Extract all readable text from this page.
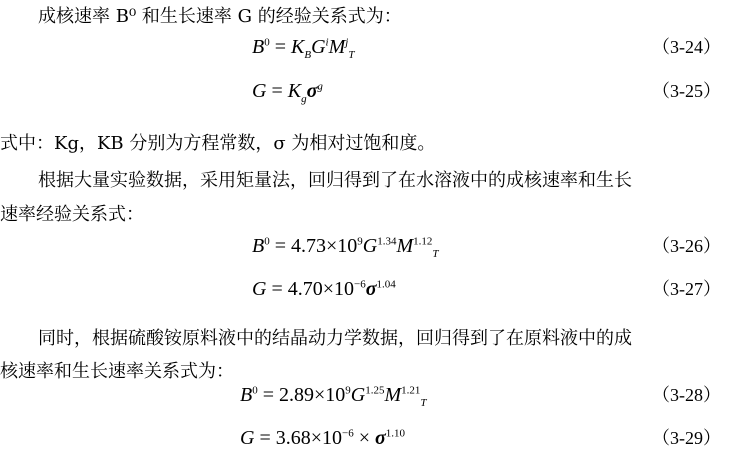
成核速率 B⁰ 和生长速率 G 的经验关系式为：
$B^0 = K_BG^iM^j_T$	（3-24）
$G = K_g\sigma^g$	（3-25）
式中：Kg，KB 分别为方程常数，σ 为相对过饱和度。
根据大量实验数据，采用矩量法，回归得到了在水溶液中的成核速率和生长
速率经验关系式：
$B^0 = 4.73\times 10^9G^{1.34}M^{1.12}_T$	（3-26）
$G = 4.70\times 10^{-6}\sigma^{1.04}$	（3-27）
同时，根据硫酸铵原料液中的结晶动力学数据，回归得到了在原料液中的成
核速率和生长速率关系式为：
$B^0 = 2.89\times 10^9G^{1.25}M^{1.21}_T$	（3-28）
$G = 3.68\times 10^{-6} \times \sigma^{1.10}$	（3-29）
